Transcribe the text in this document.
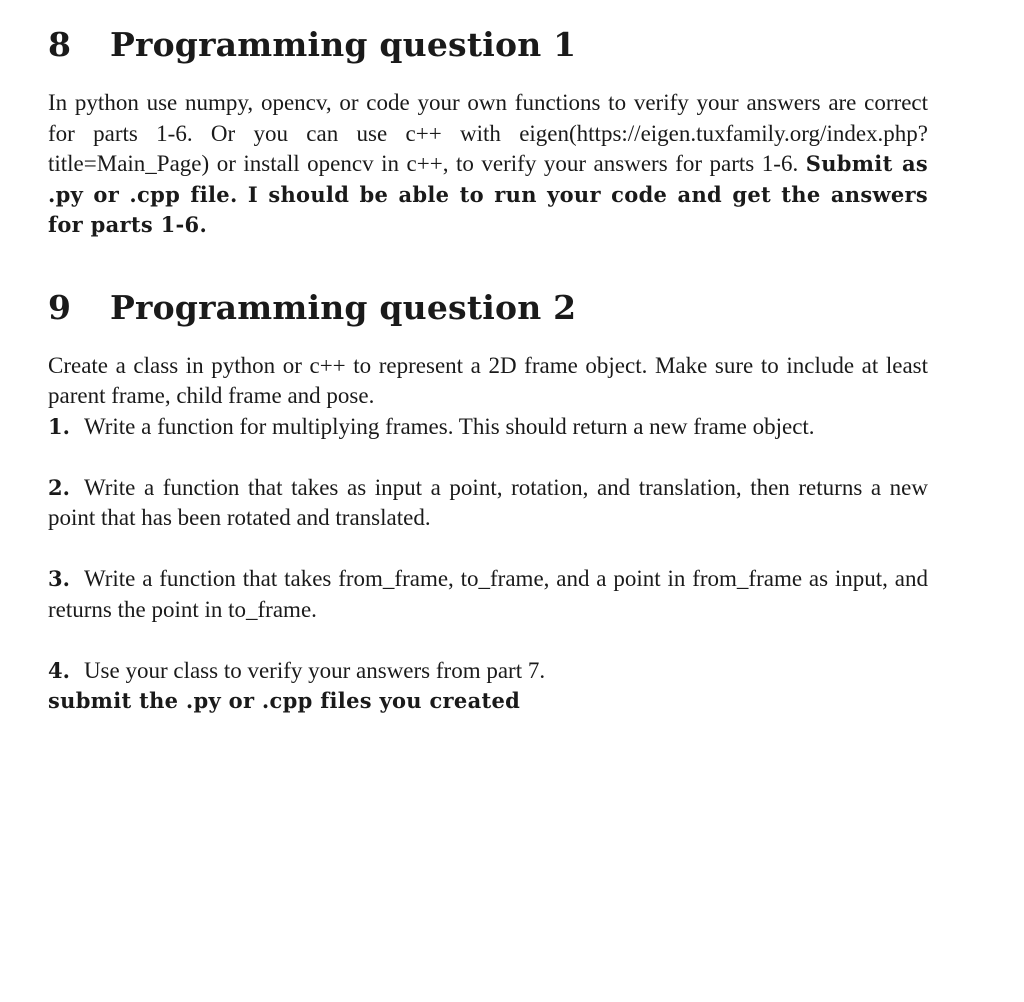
8	Programming question 1

In python use numpy, opencv, or code your own functions to verify your answers are correct for parts 1-6. Or you can use c++ with eigen(https://eigen.tuxfamily.org/index.php?title=Main_Page) or install opencv in c++, to verify your answers for parts 1-6. Submit as .py or .cpp file. I should be able to run your code and get the answers for parts 1-6.

9	Programming question 2

Create a class in python or c++ to represent a 2D frame object. Make sure to include at least parent frame, child frame and pose.

1. Write a function for multiplying frames. This should return a new frame object.

2. Write a function that takes as input a point, rotation, and translation, then returns a new point that has been rotated and translated.

3. Write a function that takes from_frame, to_frame, and a point in from_frame as input, and returns the point in to_frame.

4. Use your class to verify your answers from part 7.

submit the .py or .cpp files you created
